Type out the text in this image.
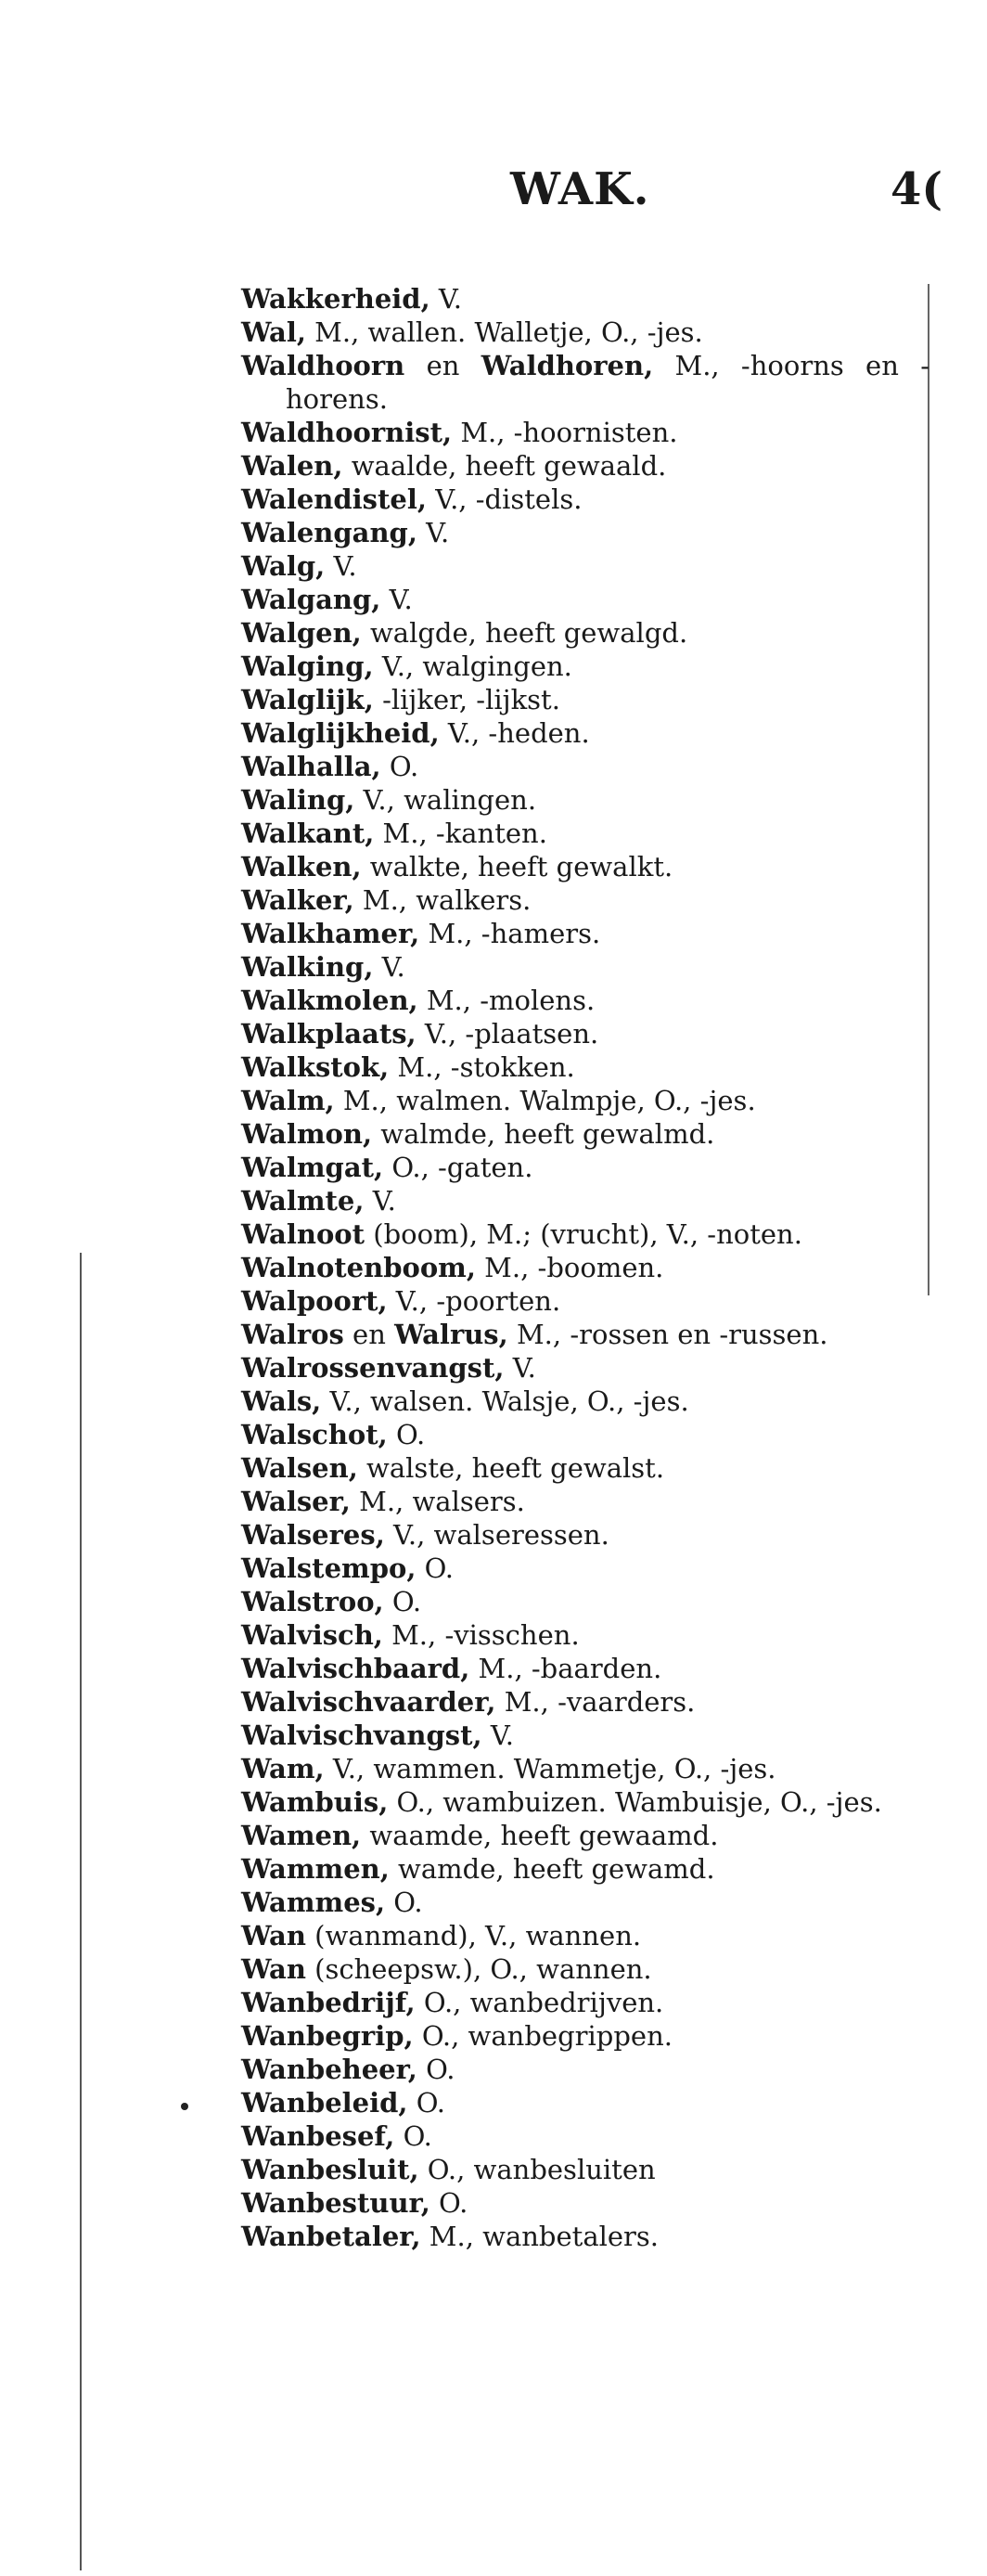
WAK.	4(
Wakkerheid, V.
Wal, M., wallen. Walletje, O., -jes.
Waldhoorn en Waldhoren, M., -hoorns en -horens.
Waldhoornist, M., -hoornisten.
Walen, waalde, heeft gewaald.
Walendistel, V., -distels.
Walengang, V.
Walg, V.
Walgang, V.
Walgen, walgde, heeft gewalgd.
Walging, V., walgingen.
Walglijk, -lijker, -lijkst.
Walglijkheid, V., -heden.
Walhalla, O.
Waling, V., walingen.
Walkant, M., -kanten.
Walken, walkte, heeft gewalkt.
Walker, M., walkers.
Walkhamer, M., -hamers.
Walking, V.
Walkmolen, M., -molens.
Walkplaats, V., -plaatsen.
Walkstok, M., -stokken.
Walm, M., walmen. Walmpje, O., -jes.
Walmon, walmde, heeft gewalmd.
Walmgat, O., -gaten.
Walmte, V.
Walnoot (boom), M.; (vrucht), V., -noten.
Walnotenboom, M., -boomen.
Walpoort, V., -poorten.
Walros en Walrus, M., -rossen en -russen.
Walrossenvangst, V.
Wals, V., walsen. Walsje, O., -jes.
Walschot, O.
Walsen, walste, heeft gewalst.
Walser, M., walsers.
Walseres, V., walseressen.
Walstempo, O.
Walstroo, O.
Walvisch, M., -visschen.
Walvischbaard, M., -baarden.
Walvischvaarder, M., -vaarders.
Walvischvangst, V.
Wam, V., wammen. Wammetje, O., -jes.
Wambuis, O., wambuizen. Wambuisje, O., -jes.
Wamen, waamde, heeft gewaamd.
Wammen, wamde, heeft gewamd.
Wammes, O.
Wan (wanmand), V., wannen.
Wan (scheepsw.), O., wannen.
Wanbedrijf, O., wanbedrijven.
Wanbegrip, O., wanbegrippen.
Wanbeheer, O.
Wanbeleid, O.
Wanbesef, O.
Wanbesluit, O., wanbesluiten
Wanbestuur, O.
Wanbetaler, M., wanbetalers.
